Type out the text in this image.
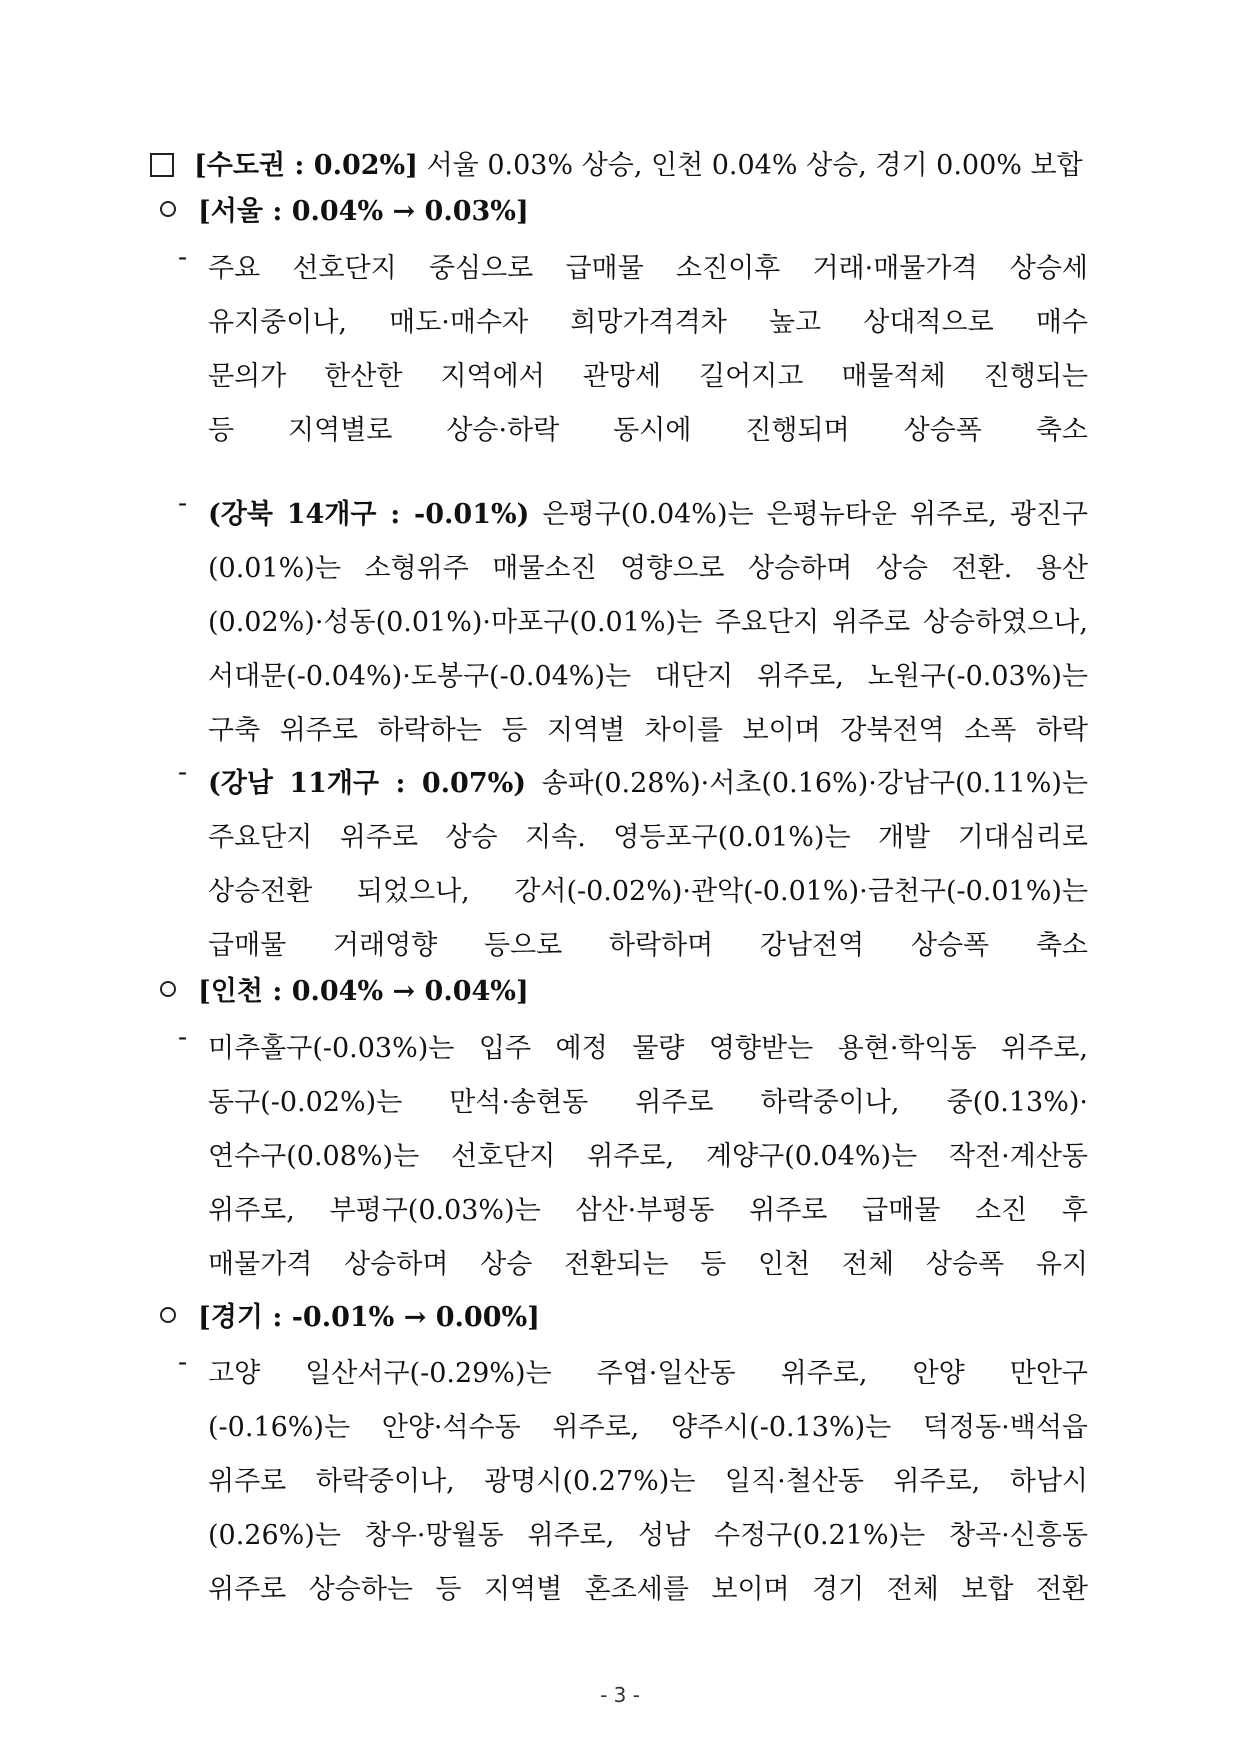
[수도권 : 0.02%] 서울 0.03% 상승, 인천 0.04% 상승, 경기 0.00% 보합
[서울 : 0.04% → 0.03%]
- 주요 선호단지 중심으로 급매물 소진이후 거래·매물가격 상승세
유지중이나, 매도·매수자 희망가격격차 높고 상대적으로 매수
문의가 한산한 지역에서 관망세 길어지고 매물적체 진행되는
등 지역별로 상승·하락 동시에 진행되며 상승폭 축소
- (강북 14개구 : -0.01%) 은평구(0.04%)는 은평뉴타운 위주로, 광진구
(0.01%)는 소형위주 매물소진 영향으로 상승하며 상승 전환. 용산
(0.02%)·성동(0.01%)·마포구(0.01%)는 주요단지 위주로 상승하였으나,
서대문(-0.04%)·도봉구(-0.04%)는 대단지 위주로, 노원구(-0.03%)는
구축 위주로 하락하는 등 지역별 차이를 보이며 강북전역 소폭 하락
- (강남 11개구 : 0.07%) 송파(0.28%)·서초(0.16%)·강남구(0.11%)는
주요단지 위주로 상승 지속. 영등포구(0.01%)는 개발 기대심리로
상승전환 되었으나, 강서(-0.02%)·관악(-0.01%)·금천구(-0.01%)는
급매물 거래영향 등으로 하락하며 강남전역 상승폭 축소
[인천 : 0.04% → 0.04%]
- 미추홀구(-0.03%)는 입주 예정 물량 영향받는 용현·학익동 위주로,
동구(-0.02%)는 만석·송현동 위주로 하락중이나, 중(0.13%)·
연수구(0.08%)는 선호단지 위주로, 계양구(0.04%)는 작전·계산동
위주로, 부평구(0.03%)는 삼산·부평동 위주로 급매물 소진 후
매물가격 상승하며 상승 전환되는 등 인천 전체 상승폭 유지
[경기 : -0.01% → 0.00%]
- 고양 일산서구(-0.29%)는 주엽·일산동 위주로, 안양 만안구
(-0.16%)는 안양·석수동 위주로, 양주시(-0.13%)는 덕정동·백석읍
위주로 하락중이나, 광명시(0.27%)는 일직·철산동 위주로, 하남시
(0.26%)는 창우·망월동 위주로, 성남 수정구(0.21%)는 창곡·신흥동
위주로 상승하는 등 지역별 혼조세를 보이며 경기 전체 보합 전환
- 3 -
